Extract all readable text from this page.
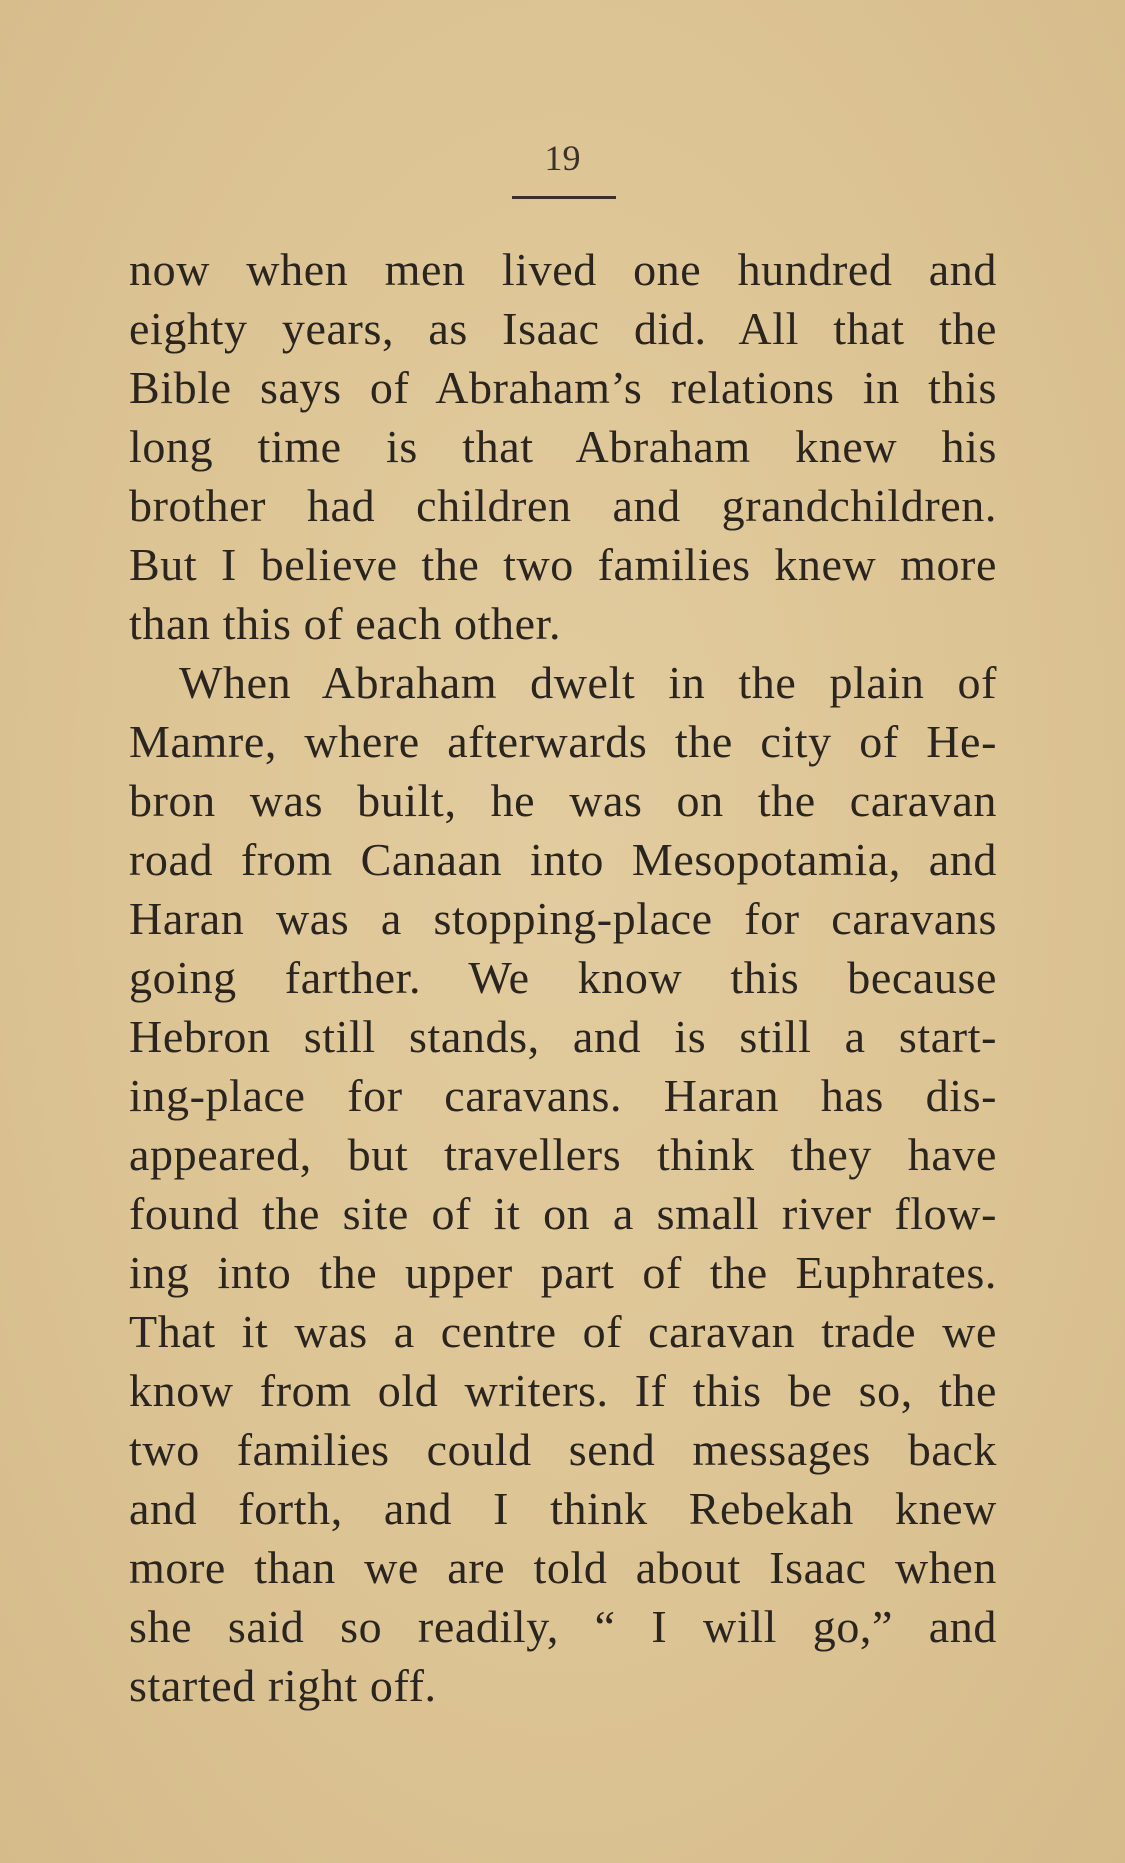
19
now when men lived one hundred and
eighty years, as Isaac did. All that the
Bible says of Abraham’s relations in this
long time is that Abraham knew his
brother had children and grandchildren.
But I believe the two families knew more
than this of each other.
When Abraham dwelt in the plain of
Mamre, where afterwards the city of He-
bron was built, he was on the caravan
road from Canaan into Mesopotamia, and
Haran was a stopping-place for caravans
going farther. We know this because
Hebron still stands, and is still a start-
ing-place for caravans. Haran has dis-
appeared, but travellers think they have
found the site of it on a small river flow-
ing into the upper part of the Euphrates.
That it was a centre of caravan trade we
know from old writers. If this be so, the
two families could send messages back
and forth, and I think Rebekah knew
more than we are told about Isaac when
she said so readily, “ I will go,” and
started right off.
